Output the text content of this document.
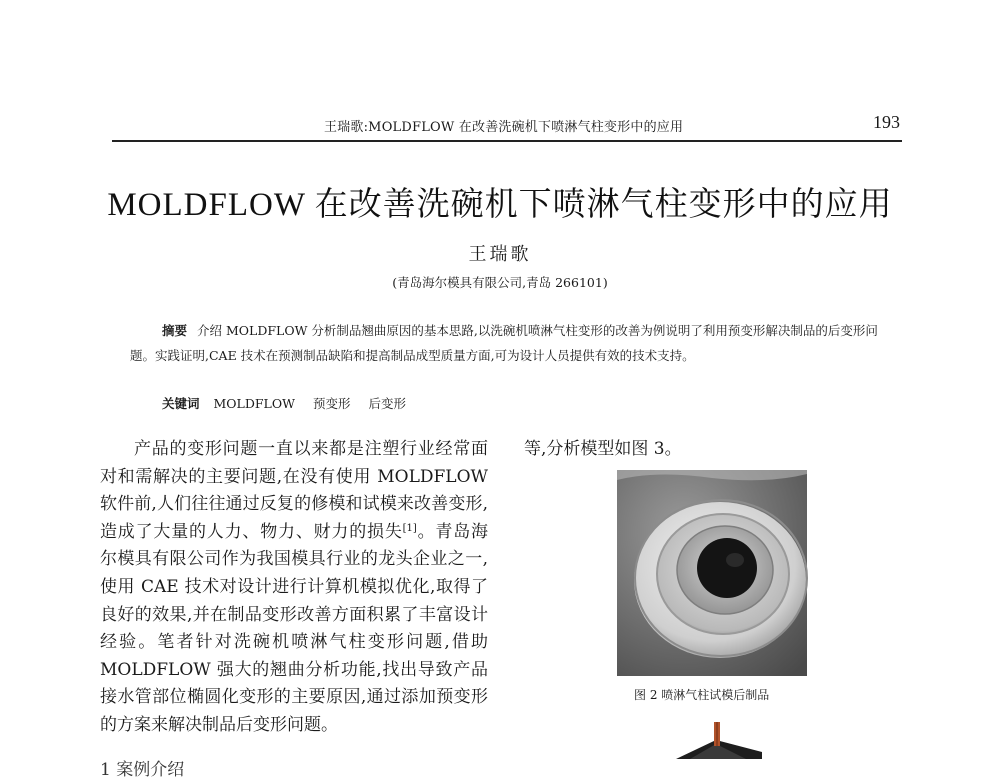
王瑞歌:MOLDFLOW 在改善洗碗机下喷淋气柱变形中的应用	193
MOLDFLOW 在改善洗碗机下喷淋气柱变形中的应用
王瑞歌
(青岛海尔模具有限公司,青岛 266101)
摘要 介绍 MOLDFLOW 分析制品翘曲原因的基本思路,以洗碗机喷淋气柱变形的改善为例说明了利用预变形解决制品的后变形问题。实践证明,CAE 技术在预测制品缺陷和提高制品成型质量方面,可为设计人员提供有效的技术支持。
关键词 MOLDFLOW 预变形 后变形
产品的变形问题一直以来都是注塑行业经常面对和需解决的主要问题,在没有使用 MOLDFLOW 软件前,人们往往通过反复的修模和试模来改善变形,造成了大量的人力、物力、财力的损失[1]。青岛海尔模具有限公司作为我国模具行业的龙头企业之一,使用 CAE 技术对设计进行计算机模拟优化,取得了良好的效果,并在制品变形改善方面积累了丰富设计经验。笔者针对洗碗机喷淋气柱变形问题,借助 MOLDFLOW 强大的翘曲分析功能,找出导致产品接水管部位椭圆化变形的主要原因,通过添加预变形的方案来解决制品后变形问题。
1 案例介绍
等,分析模型如图 3。
图 2 喷淋气柱试模后制品
